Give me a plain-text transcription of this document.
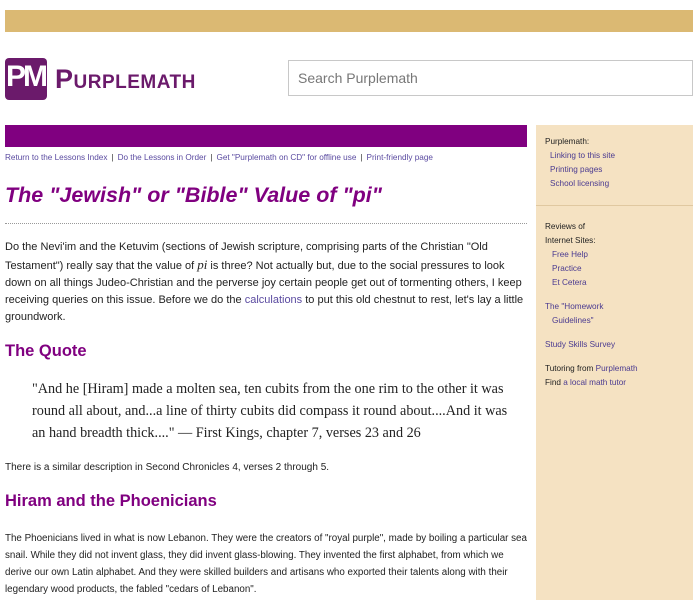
PM Purplemath
Search Purplemath
Return to the Lessons Index | Do the Lessons in Order | Get "Purplemath on CD" for offline use | Print-friendly page
The "Jewish" or "Bible" Value of "pi"

Do the Nevi'im and the Ketuvim (sections of Jewish scripture, comprising parts of the Christian "Old Testament") really say that the value of pi is three? Not actually but, due to the social pressures to look down on all things Judeo-Christian and the perverse joy certain people get out of tormenting others, I keep receiving queries on this issue. Before we do the calculations to put this old chestnut to rest, let's lay a little groundwork.

The Quote
"And he [Hiram] made a molten sea, ten cubits from the one rim to the other it was round all about, and...a line of thirty cubits did compass it round about....And it was an hand breadth thick...." — First Kings, chapter 7, verses 23 and 26

There is a similar description in Second Chronicles 4, verses 2 through 5.

Hiram and the Phoenicians

The Phoenicians lived in what is now Lebanon. They were the creators of "royal purple", made by boiling a particular sea snail. While they did not invent glass, they did invent glass-blowing. They invented the first alphabet, from which we derive our own Latin alphabet. And they were skilled builders and artisans who exported their talents along with their legendary wood products, the fabled "cedars of Lebanon".

Purplemath:
Linking to this site
Printing pages
School licensing
Reviews of
Internet Sites:
Free Help
Practice
Et Cetera
The "Homework
Guidelines"
Study Skills Survey
Tutoring from Purplemath
Find a local math tutor
